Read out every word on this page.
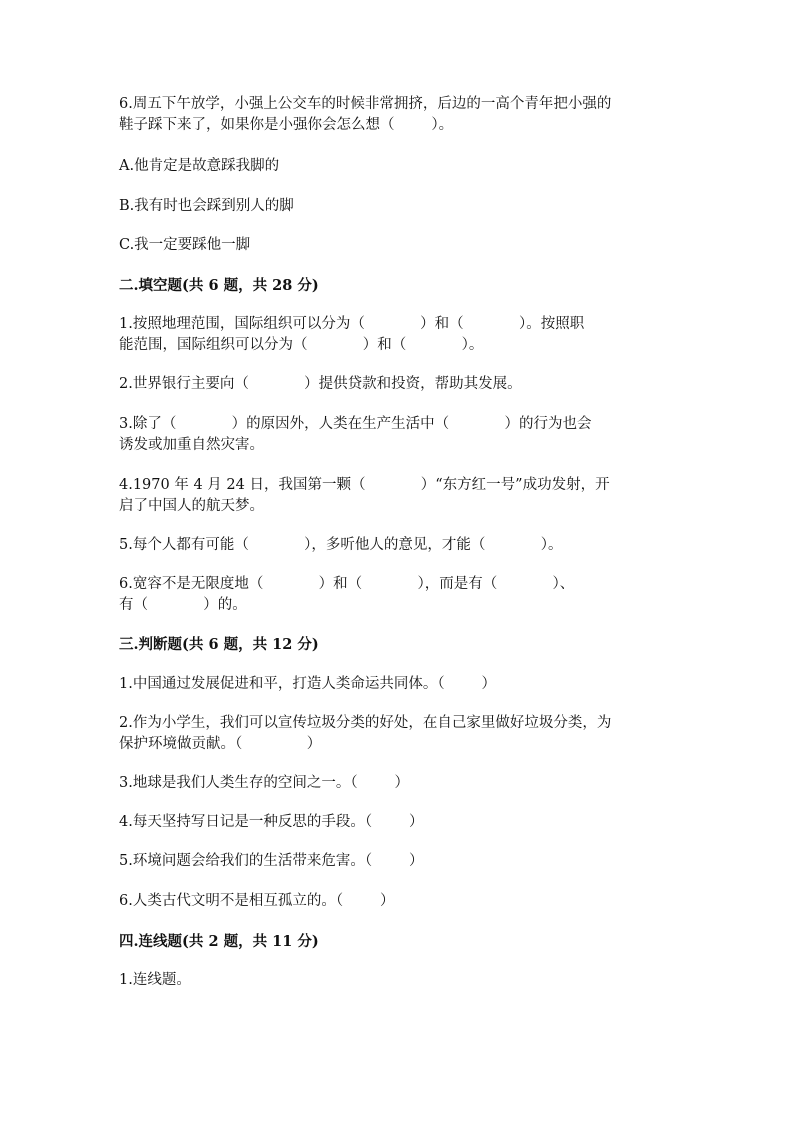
6.周五下午放学，小强上公交车的时候非常拥挤，后边的一高个青年把小强的

鞋子踩下来了，如果你是小强你会怎么想（        ）。

A.他肯定是故意踩我脚的

B.我有时也会踩到别人的脚

C.我一定要踩他一脚

二.填空题(共 6 题，共 28 分)

1.按照地理范围，国际组织可以分为（            ）和（            ）。按照职

能范围，国际组织可以分为（            ）和（            ）。

2.世界银行主要向（            ）提供贷款和投资，帮助其发展。

3.除了（            ）的原因外，人类在生产生活中（            ）的行为也会

诱发或加重自然灾害。

4.1970 年 4 月 24 日，我国第一颗（            ）“东方红一号”成功发射，开

启了中国人的航天梦。

5.每个人都有可能（            ），多听他人的意见，才能（            ）。

6.宽容不是无限度地（            ）和（            ），而是有（            ）、

有（            ）的。

三.判断题(共 6 题，共 12 分)

1.中国通过发展促进和平，打造人类命运共同体。（        ）

2.作为小学生，我们可以宣传垃圾分类的好处，在自己家里做好垃圾分类，为

保护环境做贡献。（              ）

3.地球是我们人类生存的空间之一。（        ）

4.每天坚持写日记是一种反思的手段。（        ）

5.环境问题会给我们的生活带来危害。（        ）

6.人类古代文明不是相互孤立的。（        ）

四.连线题(共 2 题，共 11 分)

1.连线题。
